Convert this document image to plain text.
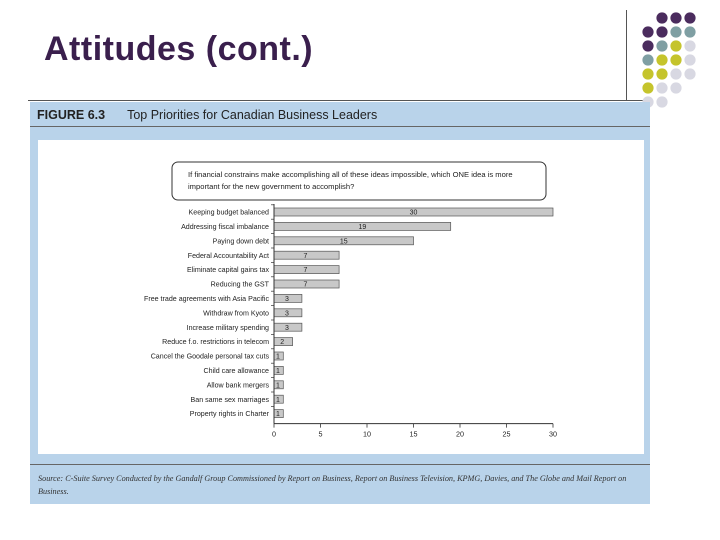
Attitudes (cont.)
FIGURE 6.3 Top Priorities for Canadian Business Leaders
If financial constrains make accomplishing all of these ideas impossible, which ONE idea is more important for the new government to accomplish?
Keeping budget balanced	30
Addressing fiscal imbalance	19
Paying down debt	15
Federal Accountability Act	7
Eliminate capital gains tax	7
Reducing the GST	7
Free trade agreements with Asia Pacific 3
Withdraw from Kyoto 3
Increase military spending 3
Reduce f.o. restrictions in telecom 2
Cancel the Goodale personal tax cuts 1
Child care allowance 1
Allow bank mergers 1
Ban same sex marriages 1
Property rights in Charter 1
0	5	10	15	20	25	30
Source: C-Suite Survey Conducted by the Gandalf Group Commissioned by Report on Business, Report on Business Television, KPMG, Davies, and The Globe and Mail Report on Business.
